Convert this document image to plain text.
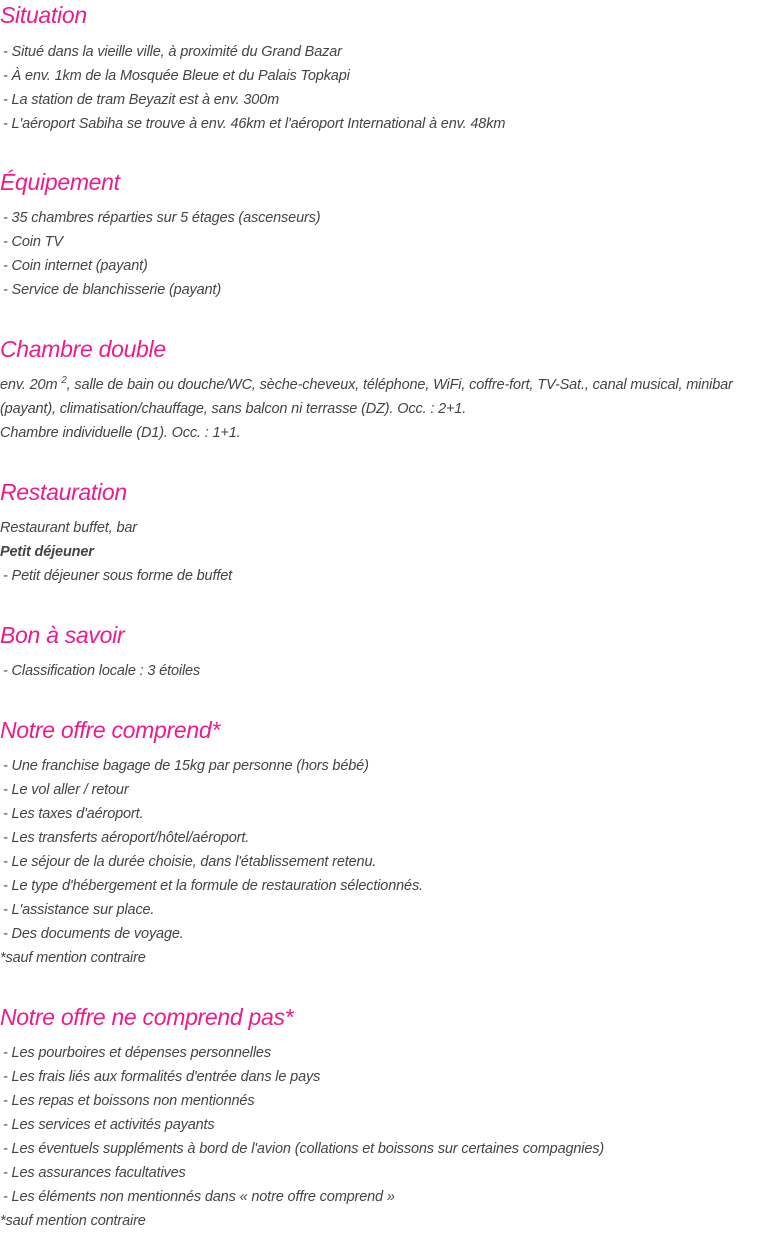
Situation

- Situé dans la vieille ville, à proximité du Grand Bazar

- À env. 1km de la Mosquée Bleue et du Palais Topkapi

- La station de tram Beyazit est à env. 300m

- L'aéroport Sabiha se trouve à env. 46km et l'aéroport International à env. 48km

Équipement

- 35 chambres réparties sur 5 étages (ascenseurs)

- Coin TV

- Coin internet (payant)

- Service de blanchisserie (payant)

Chambre double

env. 20m $^2$, salle de bain ou douche/WC, sèche-cheveux, téléphone, WiFi, coffre-fort, TV-Sat., canal musical, minibar

(payant), climatisation/chauffage, sans balcon ni terrasse (DZ). Occ. : 2+1.

Chambre individuelle (D1). Occ. : 1+1.

Restauration

Restaurant buffet, bar

Petit déjeuner

- Petit déjeuner sous forme de buffet

Bon à savoir

- Classification locale : 3 étoiles

Notre offre comprend*

- Une franchise bagage de 15kg par personne (hors bébé)

- Le vol aller / retour

- Les taxes d'aéroport.

- Les transferts aéroport/hôtel/aéroport.

- Le séjour de la durée choisie, dans l'établissement retenu.

- Le type d'hébergement et la formule de restauration sélectionnés.

- L'assistance sur place.

- Des documents de voyage.

*sauf mention contraire

Notre offre ne comprend pas*

- Les pourboires et dépenses personnelles

- Les frais liés aux formalités d'entrée dans le pays

- Les repas et boissons non mentionnés

- Les services et activités payants

- Les éventuels suppléments à bord de l'avion (collations et boissons sur certaines compagnies)

- Les assurances facultatives

- Les éléments non mentionnés dans « notre offre comprend »

*sauf mention contraire
